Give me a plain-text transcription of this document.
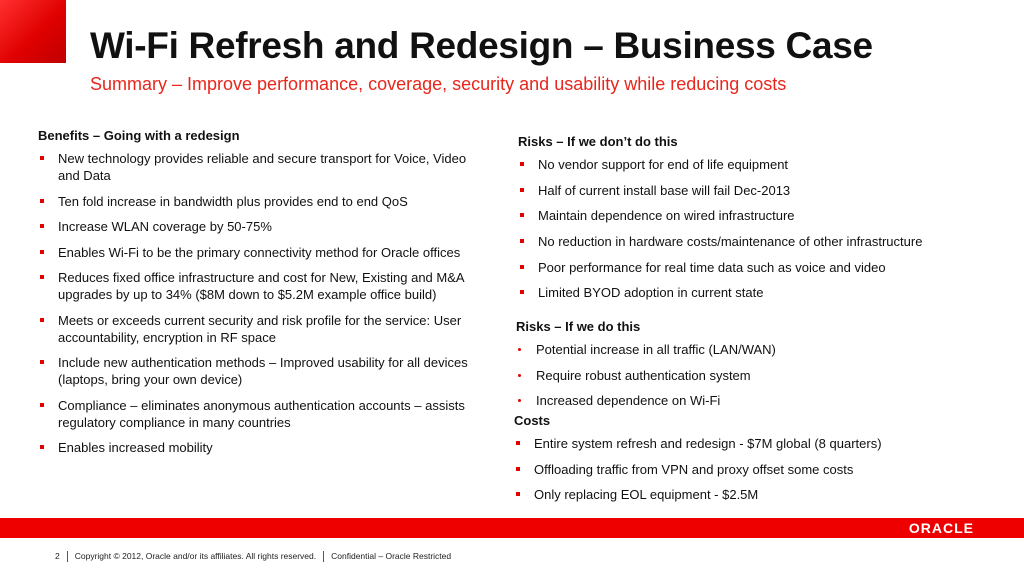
Wi-Fi Refresh and Redesign – Business Case
Summary – Improve performance, coverage, security and usability while reducing costs
Benefits – Going with a redesign
New technology provides reliable and secure transport for Voice, Video and Data
Ten fold increase in bandwidth plus provides end to end QoS
Increase WLAN coverage by 50-75%
Enables Wi-Fi to be the primary connectivity method for Oracle offices
Reduces fixed office infrastructure and cost for New, Existing and M&A upgrades by up to 34% ($8M down to $5.2M example office build)
Meets or exceeds current security and risk profile for the service: User accountability, encryption in RF space
Include new authentication methods – Improved usability for all devices (laptops, bring your own device)
Compliance – eliminates anonymous authentication accounts – assists regulatory compliance in many countries
Enables increased mobility
Risks – If we don’t do this
No vendor support for end of life equipment
Half of current install base will fail Dec-2013
Maintain dependence on wired infrastructure
No reduction in hardware costs/maintenance of other infrastructure
Poor performance for real time data such as voice and video
Limited BYOD adoption in current state
Risks – If we do this
Potential increase in all traffic (LAN/WAN)
Require robust authentication system
Increased dependence on Wi-Fi
Costs
Entire system refresh and redesign - $7M global (8 quarters)
Offloading traffic from VPN and proxy offset some costs
Only replacing EOL equipment - $2.5M
ORACLE
2 Copyright © 2012, Oracle and/or its affiliates. All rights reserved. Confidential – Oracle Restricted
